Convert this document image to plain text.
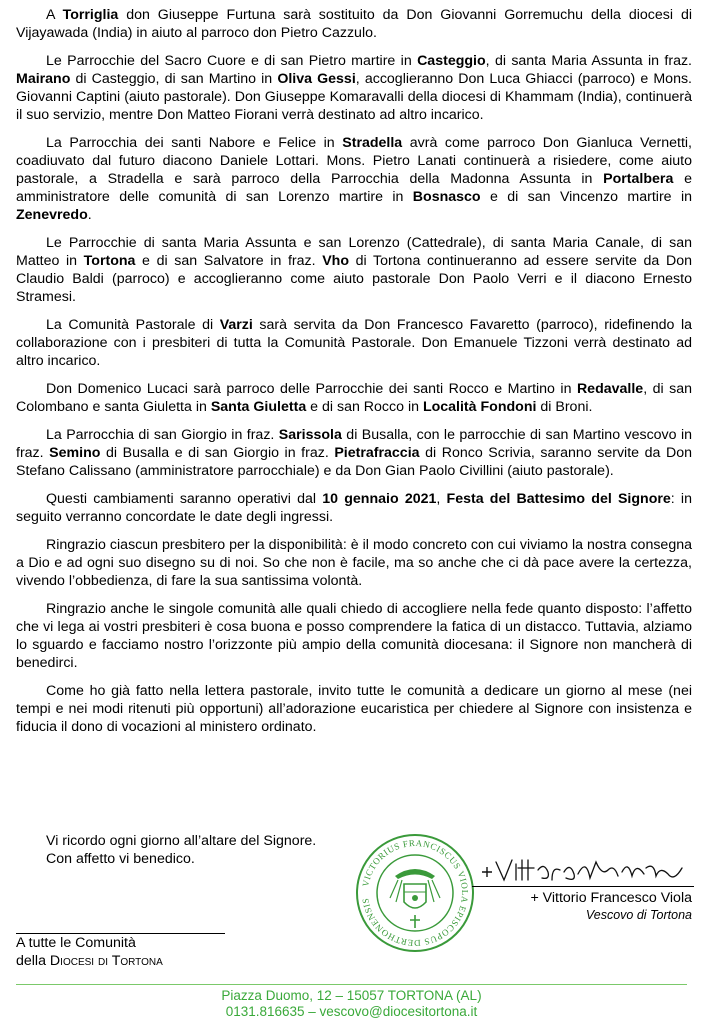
A Torriglia don Giuseppe Furtuna sarà sostituito da Don Giovanni Gorremuchu della diocesi di Vijayawada (India) in aiuto al parroco don Pietro Cazzulo.

Le Parrocchie del Sacro Cuore e di san Pietro martire in Casteggio, di santa Maria Assunta in fraz. Mairano di Casteggio, di san Martino in Oliva Gessi, accoglieranno Don Luca Ghiacci (parroco) e Mons. Giovanni Captini (aiuto pastorale). Don Giuseppe Komaravalli della diocesi di Khammam (India), continuerà il suo servizio, mentre Don Matteo Fiorani verrà destinato ad altro incarico.

La Parrocchia dei santi Nabore e Felice in Stradella avrà come parroco Don Gianluca Vernetti, coadiuvato dal futuro diacono Daniele Lottari. Mons. Pietro Lanati continuerà a risiedere, come aiuto pastorale, a Stradella e sarà parroco della Parrocchia della Madonna Assunta in Portalbera e amministratore delle comunità di san Lorenzo martire in Bosnasco e di san Vincenzo martire in Zenevredo.

Le Parrocchie di santa Maria Assunta e san Lorenzo (Cattedrale), di santa Maria Canale, di san Matteo in Tortona e di san Salvatore in fraz. Vho di Tortona continueranno ad essere servite da Don Claudio Baldi (parroco) e accoglieranno come aiuto pastorale Don Paolo Verri e il diacono Ernesto Stramesi.

La Comunità Pastorale di Varzi sarà servita da Don Francesco Favaretto (parroco), ridefinendo la collaborazione con i presbiteri di tutta la Comunità Pastorale. Don Emanuele Tizzoni verrà destinato ad altro incarico.

Don Domenico Lucaci sarà parroco delle Parrocchie dei santi Rocco e Martino in Redavalle, di san Colombano e santa Giuletta in Santa Giuletta e di san Rocco in Località Fondoni di Broni.

La Parrocchia di san Giorgio in fraz. Sarissola di Busalla, con le parrocchie di san Martino vescovo in fraz. Semino di Busalla e di san Giorgio in fraz. Pietrafraccia di Ronco Scrivia, saranno servite da Don Stefano Calissano (amministratore parrocchiale) e da Don Gian Paolo Civillini (aiuto pastorale).

Questi cambiamenti saranno operativi dal 10 gennaio 2021, Festa del Battesimo del Signore: in seguito verranno concordate le date degli ingressi.

Ringrazio ciascun presbitero per la disponibilità: è il modo concreto con cui viviamo la nostra consegna a Dio e ad ogni suo disegno su di noi. So che non è facile, ma so anche che ci dà pace avere la certezza, vivendo l’obbedienza, di fare la sua santissima volontà.

Ringrazio anche le singole comunità alle quali chiedo di accogliere nella fede quanto disposto: l’affetto che vi lega ai vostri presbiteri è cosa buona e posso comprendere la fatica di un distacco. Tuttavia, alziamo lo sguardo e facciamo nostro l’orizzonte più ampio della comunità diocesana: il Signore non mancherà di benedirci.

Come ho già fatto nella lettera pastorale, invito tutte le comunità a dedicare un giorno al mese (nei tempi e nei modi ritenuti più opportuni) all’adorazione eucaristica per chiedere al Signore con insistenza e fiducia il dono di vocazioni al ministero ordinato.

Vi ricordo ogni giorno all’altare del Signore.
Con affetto vi benedico.
VICTORIUS FRANCISCUS VIOLA EPISCOPUS DERTHONENSIS	+ Vittorio Francesco Viola
Vescovo di Tortona
A tutte le Comunità
della Diocesi di Tortona
Piazza Duomo, 12 – 15057 TORTONA (AL)
0131.816635 – vescovo@diocesitortona.it
